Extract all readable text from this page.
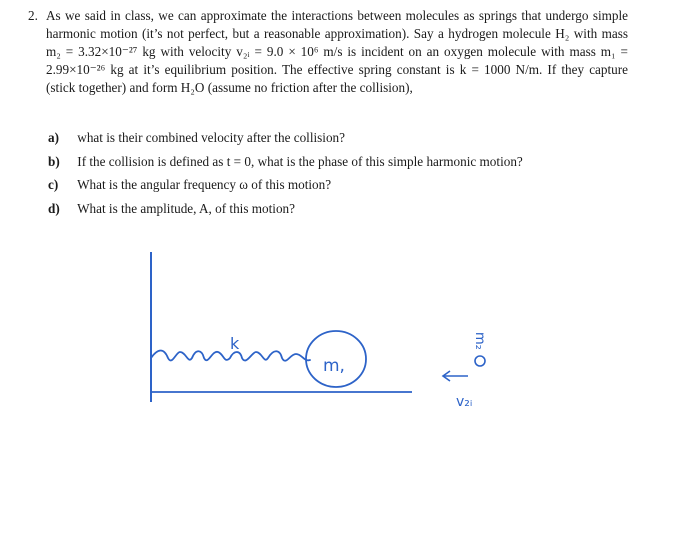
2. As we said in class, we can approximate the interactions between molecules as springs that undergo simple harmonic motion (it’s not perfect, but a reasonable approximation). Say a hydrogen molecule H₂ with mass m₂ = 3.32×10⁻²⁷ kg with velocity v₂ᵢ = 9.0 × 10⁶ m/s is incident on an oxygen molecule with mass m₁ = 2.99×10⁻²⁶ kg at it’s equilibrium position. The effective spring constant is k = 1000 N/m. If they capture (stick together) and form H₂O (assume no friction after the collision),

a) what is their combined velocity after the collision?
b) If the collision is defined as t = 0, what is the phase of this simple harmonic motion?
c) What is the angular frequency ω of this motion?
d) What is the amplitude, A, of this motion?
k
m,
m₂
v₂ᵢ
